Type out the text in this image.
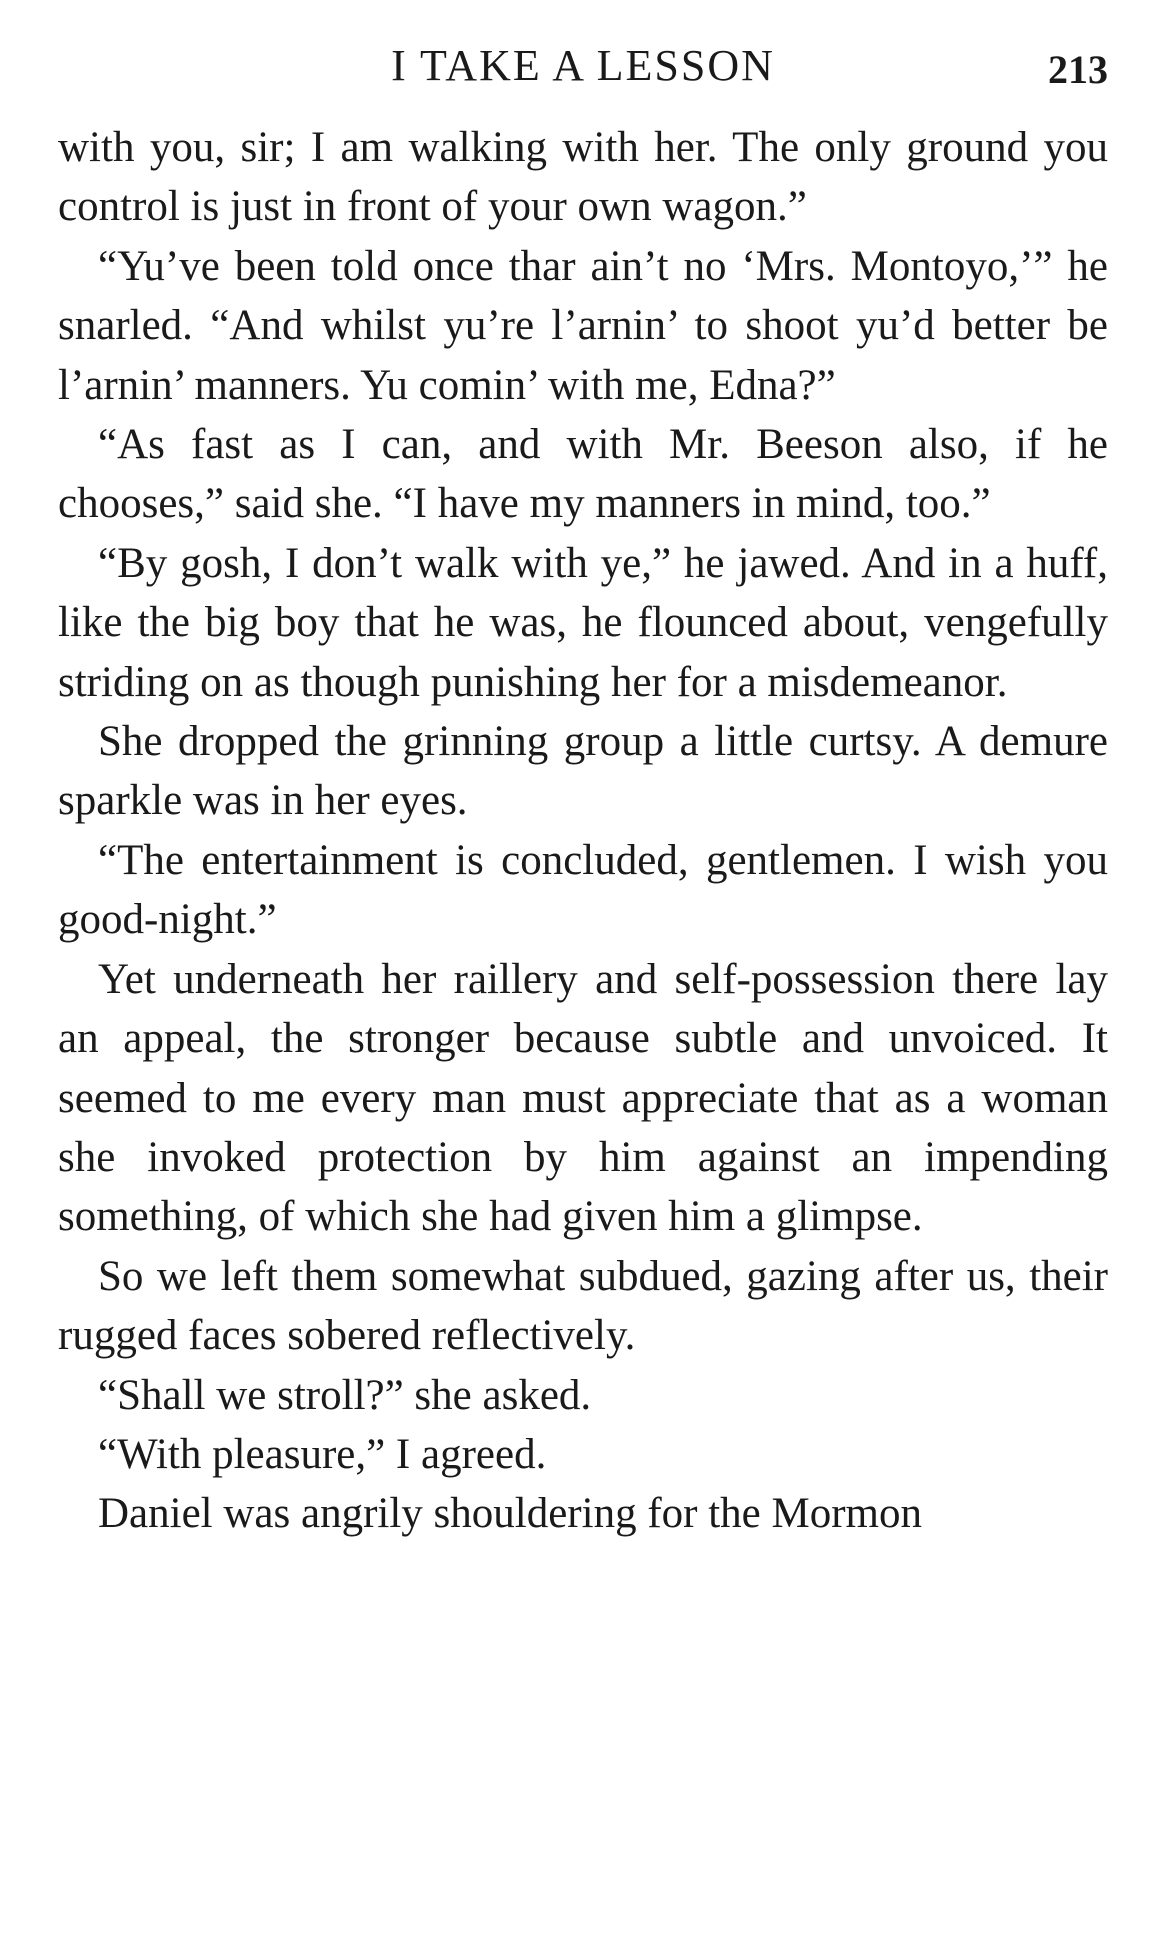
I TAKE A LESSON	213

with you, sir; I am walking with her. The only ground you control is just in front of your own wagon.”

“Yu’ve been told once thar ain’t no ‘Mrs. Montoyo,’” he snarled. “And whilst yu’re l’arnin’ to shoot yu’d better be l’arnin’ manners. Yu comin’ with me, Edna?”

“As fast as I can, and with Mr. Beeson also, if he chooses,” said she. “I have my manners in mind, too.”

“By gosh, I don’t walk with ye,” he jawed. And in a huff, like the big boy that he was, he flounced about, vengefully striding on as though punishing her for a misdemeanor.

She dropped the grinning group a little curtsy. A demure sparkle was in her eyes.

“The entertainment is concluded, gentlemen. I wish you good-night.”

Yet underneath her raillery and self-possession there lay an appeal, the stronger because subtle and unvoiced. It seemed to me every man must appreciate that as a woman she invoked protection by him against an impending something, of which she had given him a glimpse.

So we left them somewhat subdued, gazing after us, their rugged faces sobered reflectively.

“Shall we stroll?” she asked.

“With pleasure,” I agreed.

Daniel was angrily shouldering for the Mormon
